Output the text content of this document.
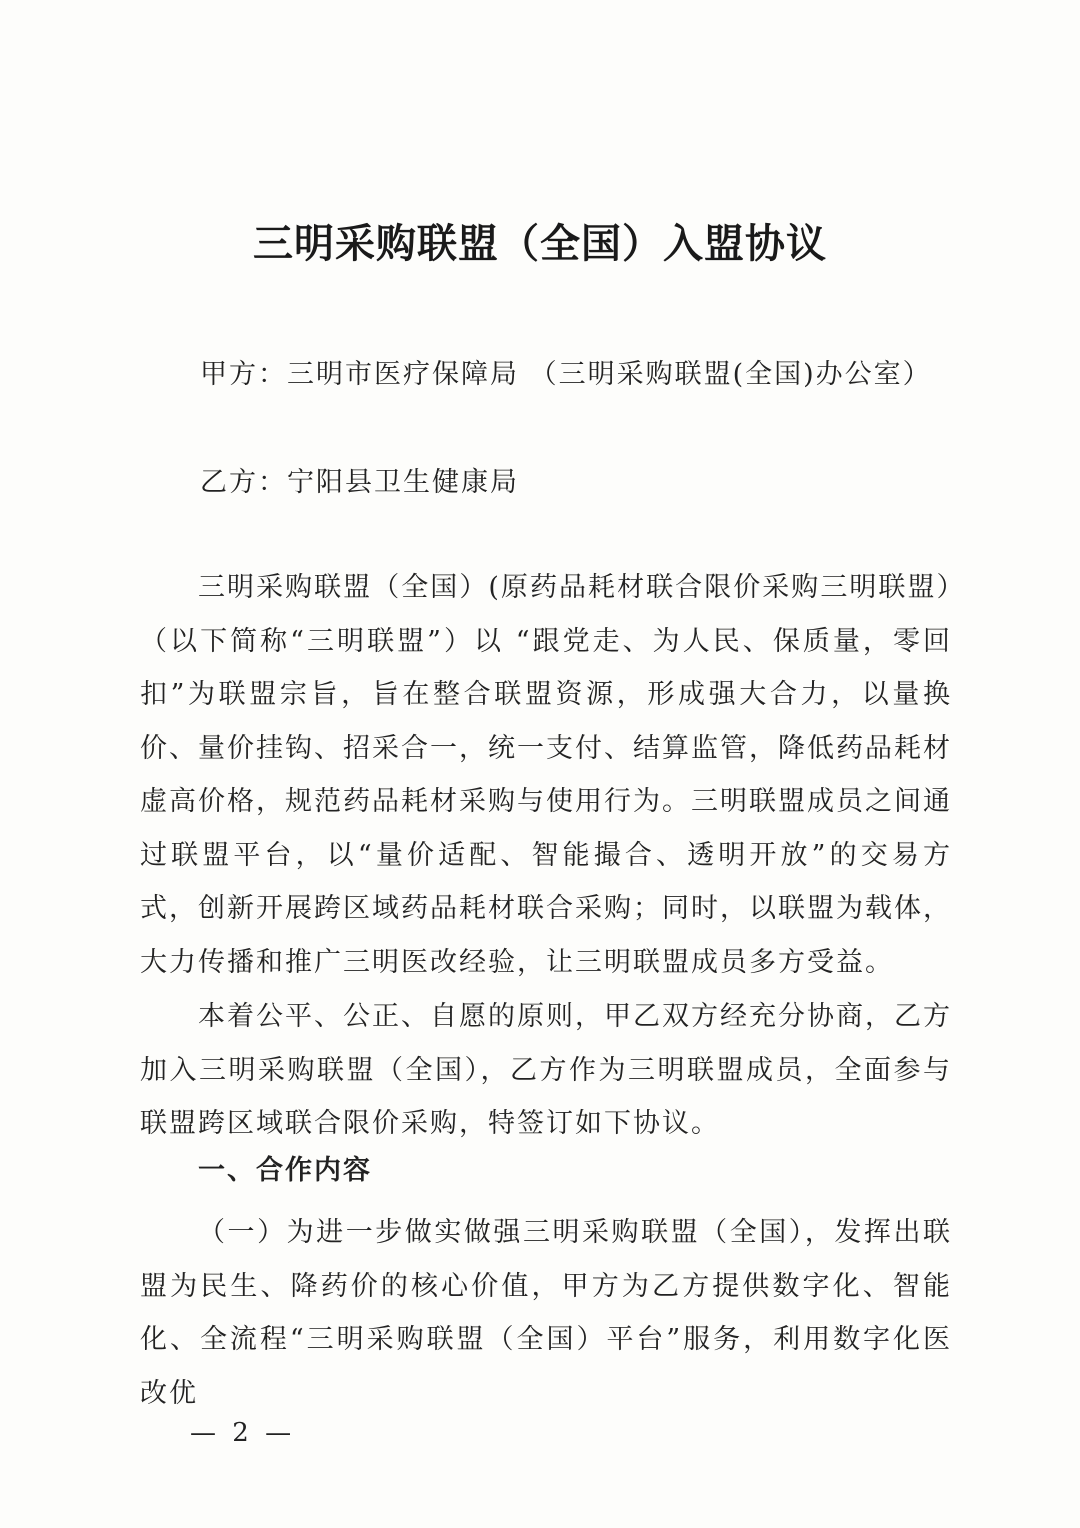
三明采购联盟（全国）入盟协议

甲方：三明市医疗保障局 （三明采购联盟(全国)办公室）

乙方：宁阳县卫生健康局

三明采购联盟（全国）(原药品耗材联合限价采购三明联盟）（以下简称“三明联盟”）以 “跟党走、为人民、保质量，零回扣”为联盟宗旨，旨在整合联盟资源，形成强大合力，以量换价、量价挂钩、招采合一，统一支付、结算监管，降低药品耗材虚高价格，规范药品耗材采购与使用行为。三明联盟成员之间通过联盟平台，以“量价适配、智能撮合、透明开放”的交易方式，创新开展跨区域药品耗材联合采购；同时，以联盟为载体，大力传播和推广三明医改经验，让三明联盟成员多方受益。

本着公平、公正、自愿的原则，甲乙双方经充分协商，乙方加入三明采购联盟（全国），乙方作为三明联盟成员，全面参与联盟跨区域联合限价采购，特签订如下协议。

一、合作内容

（一）为进一步做实做强三明采购联盟（全国），发挥出联盟为民生、降药价的核心价值，甲方为乙方提供数字化、智能化、全流程“三明采购联盟（全国）平台”服务，利用数字化医改优

— 2 —
